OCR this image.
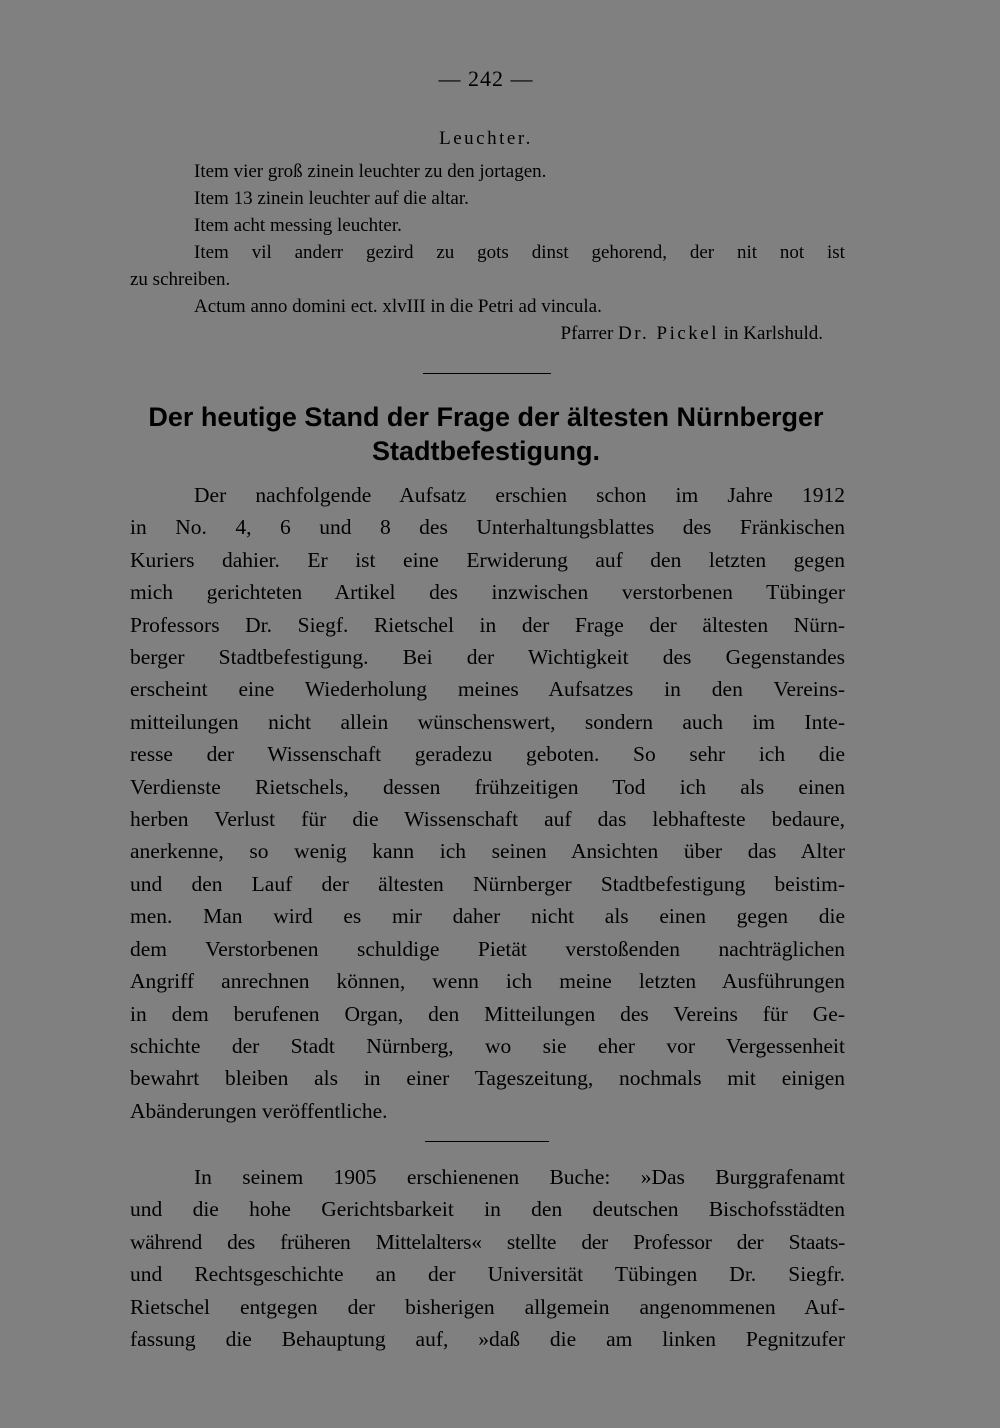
— 242 —
Leuchter.
Item vier groß zinein leuchter zu den jortagen.
Item 13 zinein leuchter auf die altar.
Item acht messing leuchter.
Item vil anderr gezird zu gots dinst gehorend, der nit not ist
zu schreiben.
Actum anno domini ect. xlvIII in die Petri ad vincula.
Pfarrer Dr. Pickel in Karlshuld.
Der heutige Stand der Frage der ältesten Nürnberger
Stadtbefestigung.
Der nachfolgende Aufsatz erschien schon im Jahre 1912
in No. 4, 6 und 8 des Unterhaltungsblattes des Fränkischen
Kuriers dahier. Er ist eine Erwiderung auf den letzten gegen
mich gerichteten Artikel des inzwischen verstorbenen Tübinger
Professors Dr. Siegf. Rietschel in der Frage der ältesten Nürn-
berger Stadtbefestigung. Bei der Wichtigkeit des Gegenstandes
erscheint eine Wiederholung meines Aufsatzes in den Vereins-
mitteilungen nicht allein wünschenswert, sondern auch im Inte-
resse der Wissenschaft geradezu geboten. So sehr ich die
Verdienste Rietschels, dessen frühzeitigen Tod ich als einen
herben Verlust für die Wissenschaft auf das lebhafteste bedaure,
anerkenne, so wenig kann ich seinen Ansichten über das Alter
und den Lauf der ältesten Nürnberger Stadtbefestigung beistim-
men. Man wird es mir daher nicht als einen gegen die
dem Verstorbenen schuldige Pietät verstoßenden nachträglichen
Angriff anrechnen können, wenn ich meine letzten Ausführungen
in dem berufenen Organ, den Mitteilungen des Vereins für Ge-
schichte der Stadt Nürnberg, wo sie eher vor Vergessenheit
bewahrt bleiben als in einer Tageszeitung, nochmals mit einigen
Abänderungen veröffentliche.
In seinem 1905 erschienenen Buche: »Das Burggrafenamt
und die hohe Gerichtsbarkeit in den deutschen Bischofsstädten
während des früheren Mittelalters« stellte der Professor der Staats-
und Rechtsgeschichte an der Universität Tübingen Dr. Siegfr.
Rietschel entgegen der bisherigen allgemein angenommenen Auf-
fassung die Behauptung auf, »daß die am linken Pegnitzufer
